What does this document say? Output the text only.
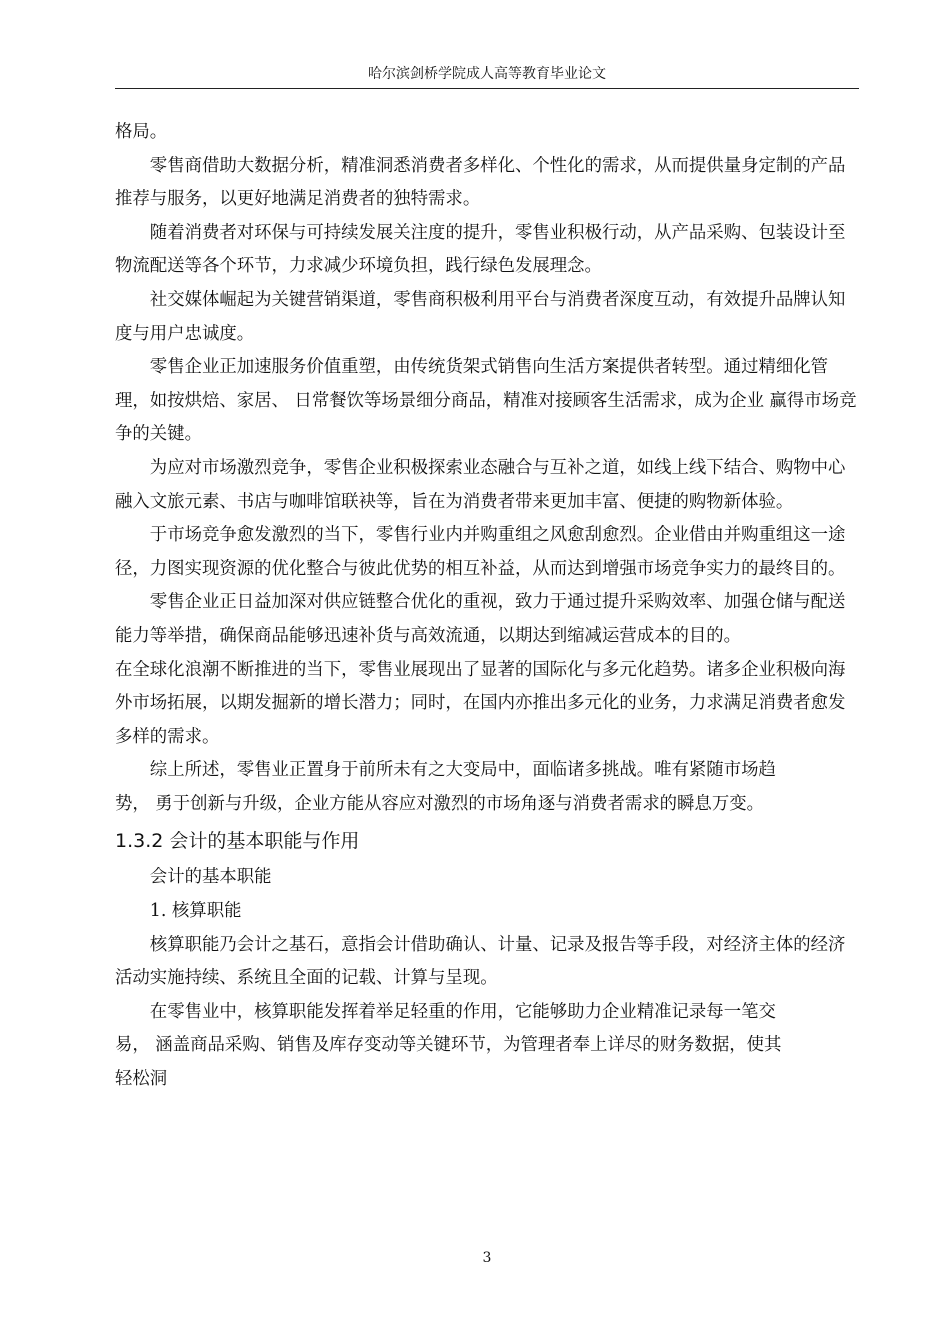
哈尔滨剑桥学院成人高等教育毕业论文

格局。

零售商借助大数据分析，精准洞悉消费者多样化、个性化的需求，从而提供量身定制的产品推荐与服务，以更好地满足消费者的独特需求。

随着消费者对环保与可持续发展关注度的提升，零售业积极行动，从产品采购、包装设计至物流配送等各个环节，力求减少环境负担，践行绿色发展理念。

社交媒体崛起为关键营销渠道，零售商积极利用平台与消费者深度互动，有效提升品牌认知度与用户忠诚度。

零售企业正加速服务价值重塑，由传统货架式销售向生活方案提供者转型。通过精细化管理，如按烘焙、家居、 日常餐饮等场景细分商品，精准对接顾客生活需求，成为企业 赢得市场竞争的关键。

为应对市场激烈竞争，零售企业积极探索业态融合与互补之道，如线上线下结合、购物中心融入文旅元素、书店与咖啡馆联袂等，旨在为消费者带来更加丰富、便捷的购物新体验。

于市场竞争愈发激烈的当下，零售行业内并购重组之风愈刮愈烈。企业借由并购重组这一途径，力图实现资源的优化整合与彼此优势的相互补益，从而达到增强市场竞争实力的最终目的。

零售企业正日益加深对供应链整合优化的重视，致力于通过提升采购效率、加强仓储与配送能力等举措，确保商品能够迅速补货与高效流通，以期达到缩减运营成本的目的。

在全球化浪潮不断推进的当下，零售业展现出了显著的国际化与多元化趋势。诸多企业积极向海外市场拓展，以期发掘新的增长潜力；同时，在国内亦推出多元化的业务，力求满足消费者愈发多样的需求。

综上所述，零售业正置身于前所未有之大变局中，面临诸多挑战。唯有紧随市场趋

势， 勇于创新与升级，企业方能从容应对激烈的市场角逐与消费者需求的瞬息万变。

1.3.2 会计的基本职能与作用

会计的基本职能

1. 核算职能

核算职能乃会计之基石，意指会计借助确认、计量、记录及报告等手段，对经济主体的经济活动实施持续、系统且全面的记载、计算与呈现。

在零售业中，核算职能发挥着举足轻重的作用，它能够助力企业精准记录每一笔交

易， 涵盖商品采购、销售及库存变动等关键环节，为管理者奉上详尽的财务数据，使其

轻松洞

3
